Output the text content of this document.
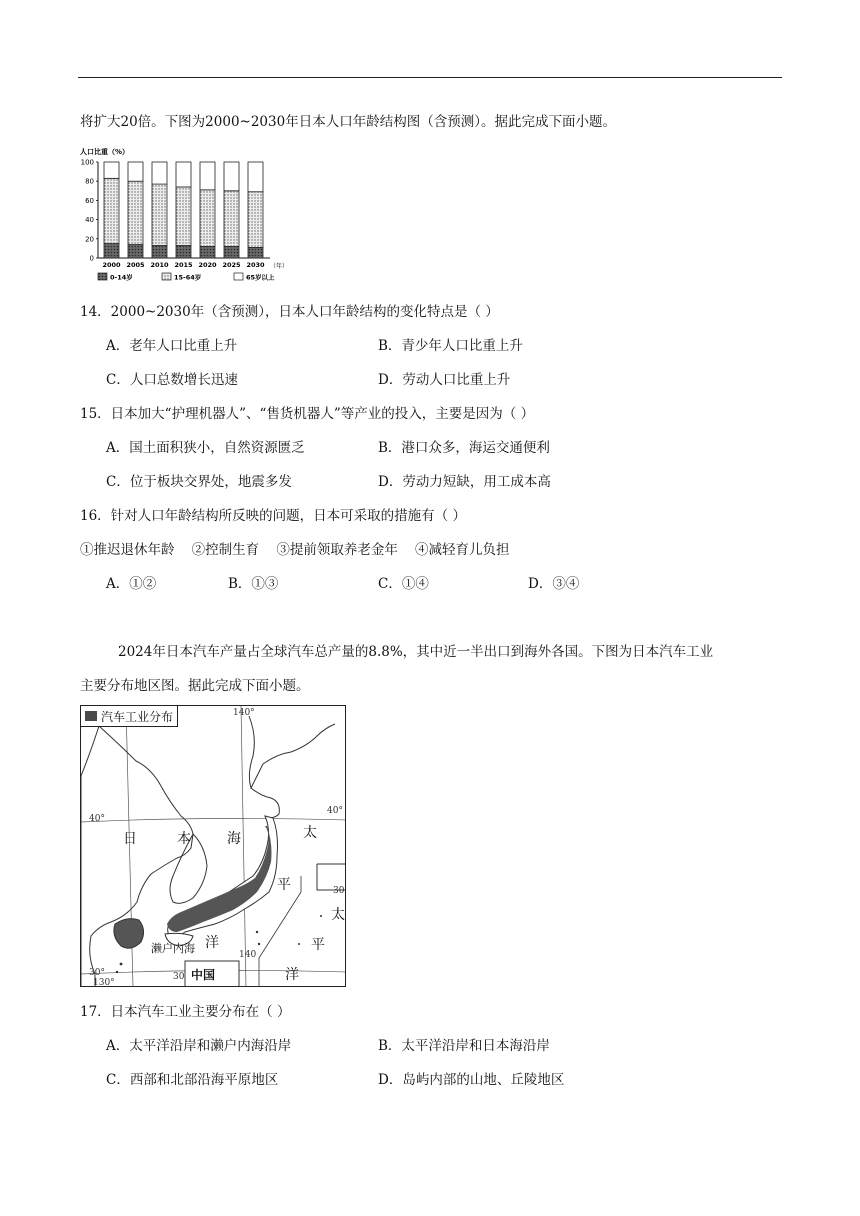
将扩大20倍。下图为2000~2030年日本人口年龄结构图（含预测）。据此完成下面小题。
人口比重（%）
0
20
40
60
80
100
2000 2005 2010 2015 2020 2025 2030 （年）
0-14岁	15-64岁	65岁以上
14．2000~2030年（含预测），日本人口年龄结构的变化特点是（ ）
A．老年人口比重上升	B．青少年人口比重上升
C．人口总数增长迅速	D．劳动人口比重上升
15．日本加大“护理机器人”、“售货机器人”等产业的投入，主要是因为（ ）
A．国土面积狭小，自然资源匮乏	B．港口众多，海运交通便利
C．位于板块交界处，地震多发	D．劳动力短缺，用工成本高
16．针对人口年龄结构所反映的问题，日本可采取的措施有（ ）
①推迟退休年龄    ②控制生育    ③提前领取养老金年    ④减轻育儿负担
A．①②	B．①③	C．①④	D．③④
2024年日本汽车产量占全球汽车总产量的8.8%，其中近一半出口到海外各国。下图为日本汽车工业
主要分布地区图。据此完成下面小题。
汽车工业分布	140°
40°
40°
30
30°	30
130°
140
日	本	海	太
平
洋
太
平
洋
濑户内海
中国
17．日本汽车工业主要分布在（ ）
A．太平洋沿岸和濑户内海沿岸	B．太平洋沿岸和日本海沿岸
C．西部和北部沿海平原地区	D．岛屿内部的山地、丘陵地区
